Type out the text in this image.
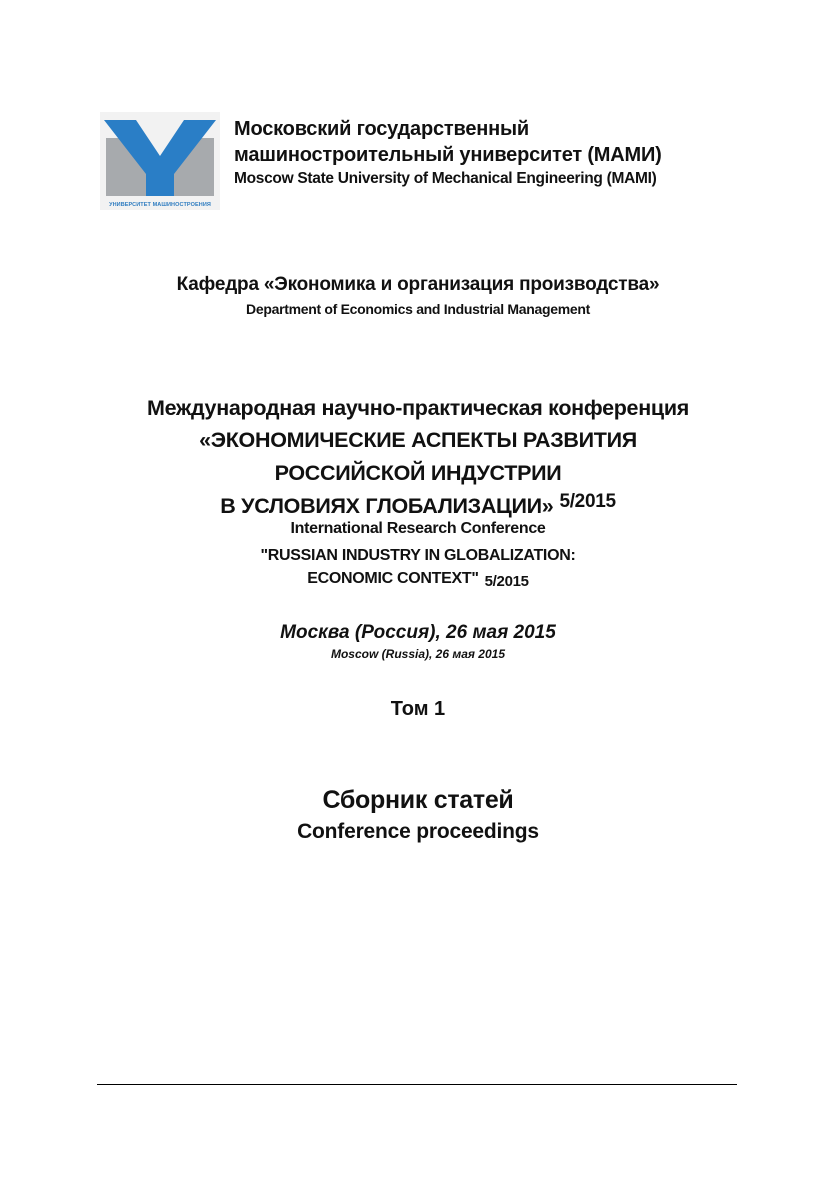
УНИВЕРСИТЕТ МАШИНОСТРОЕНИЯ
Московский государственный
машиностроительный университет (МАМИ)
Moscow State University of Mechanical Engineering (MAMI)
Кафедра «Экономика и организация производства»
Department of Economics and Industrial Management
Международная научно-практическая конференция
«ЭКОНОМИЧЕСКИЕ АСПЕКТЫ РАЗВИТИЯ
РОССИЙСКОЙ ИНДУСТРИИ
В УСЛОВИЯХ ГЛОБАЛИЗАЦИИ» 5/2015
International Research Conference
"RUSSIAN INDUSTRY IN GLOBALIZATION:
ECONOMIC CONTEXT" 5/2015
Москва (Россия), 26 мая 2015
Moscow (Russia), 26 мая 2015
Том 1
Сборник статей
Conference proceedings
